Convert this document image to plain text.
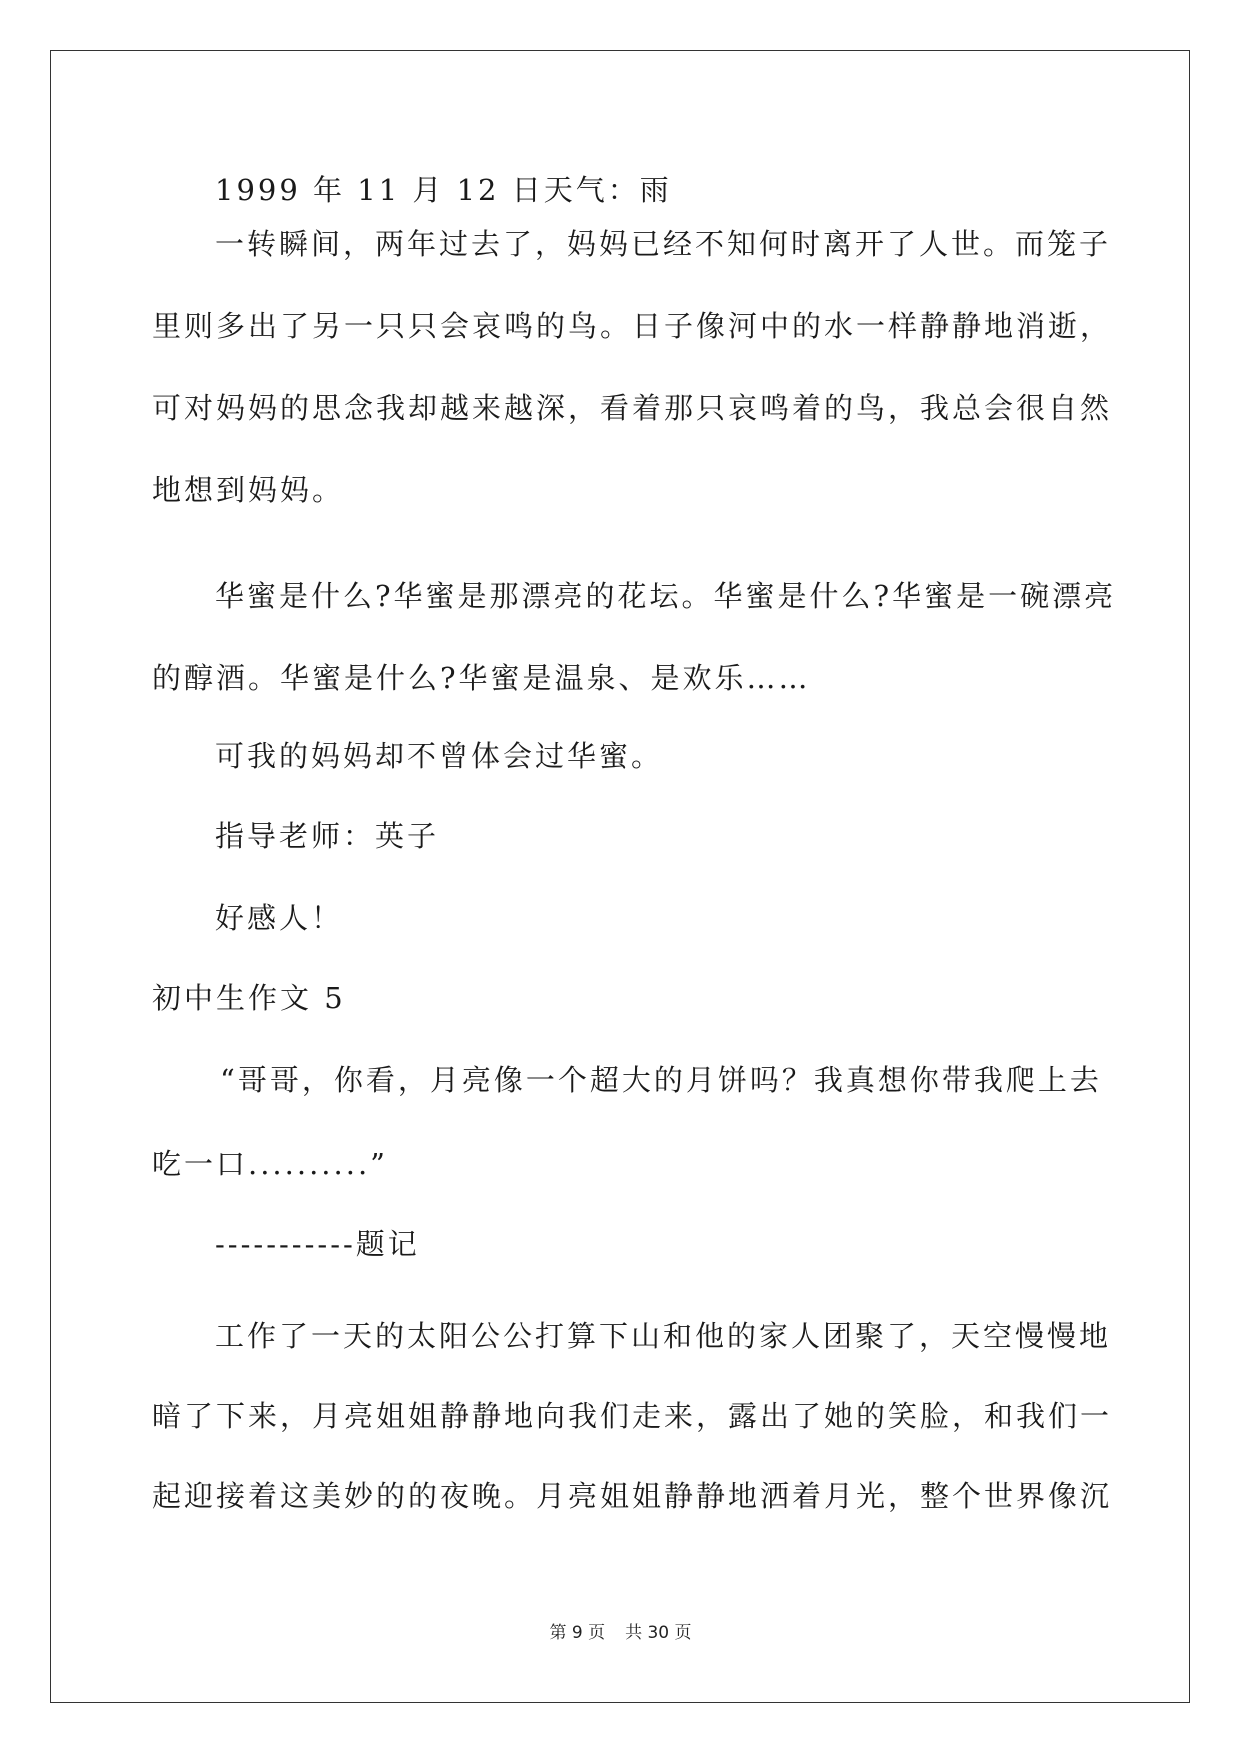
1999 年 11 月 12 日天气：雨
一转瞬间，两年过去了，妈妈已经不知何时离开了人世。而笼子
里则多出了另一只只会哀鸣的鸟。日子像河中的水一样静静地消逝，
可对妈妈的思念我却越来越深，看着那只哀鸣着的鸟，我总会很自然
地想到妈妈。
华蜜是什么?华蜜是那漂亮的花坛。华蜜是什么?华蜜是一碗漂亮
的醇酒。华蜜是什么?华蜜是温泉、是欢乐……
可我的妈妈却不曾体会过华蜜。
指导老师：英子
好感人！
初中生作文 5
“哥哥，你看，月亮像一个超大的月饼吗？我真想你带我爬上去
吃一口..........”
-----------题记
工作了一天的太阳公公打算下山和他的家人团聚了，天空慢慢地
暗了下来，月亮姐姐静静地向我们走来，露出了她的笑脸，和我们一
起迎接着这美妙的的夜晚。月亮姐姐静静地洒着月光，整个世界像沉
第 9 页 共 30 页
